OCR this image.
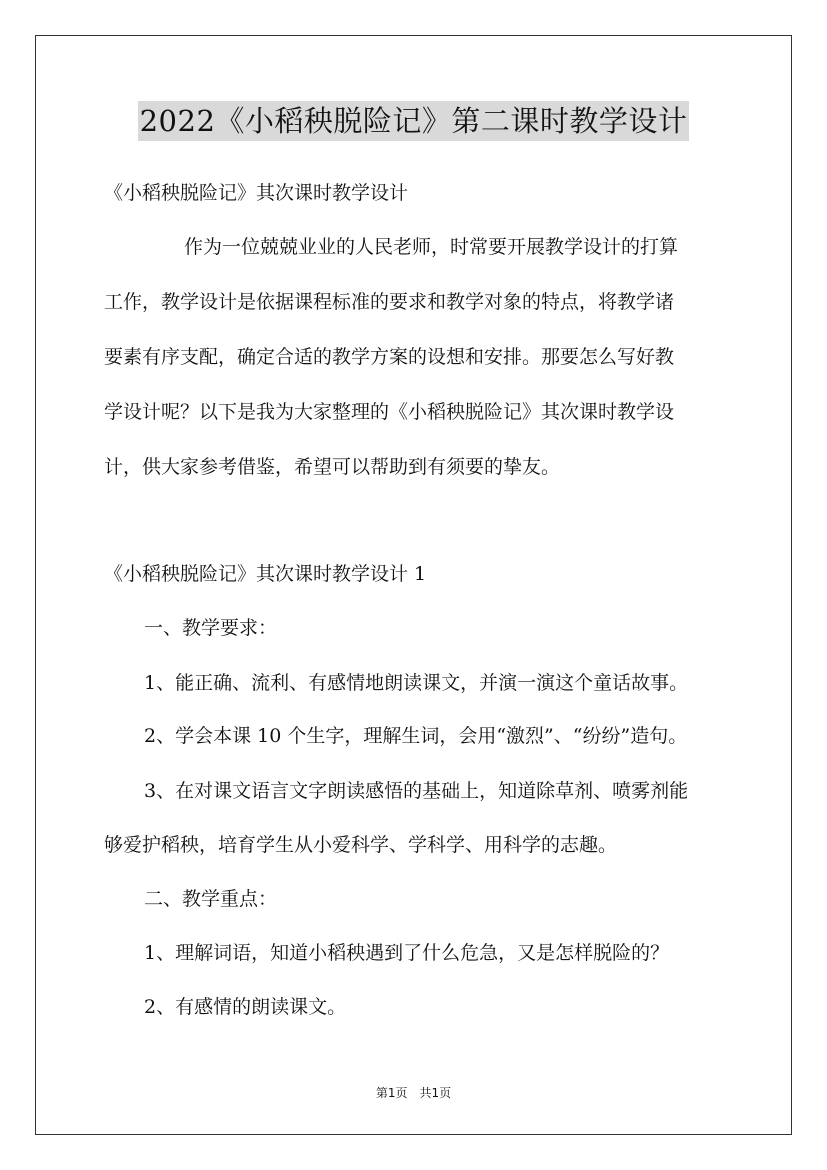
2022《小稻秧脱险记》第二课时教学设计
《小稻秧脱险记》其次课时教学设计
作为一位兢兢业业的人民老师，时常要开展教学设计的打算
工作，教学设计是依据课程标准的要求和教学对象的特点，将教学诸
要素有序支配，确定合适的教学方案的设想和安排。那要怎么写好教
学设计呢？以下是我为大家整理的《小稻秧脱险记》其次课时教学设
计，供大家参考借鉴，希望可以帮助到有须要的挚友。
《小稻秧脱险记》其次课时教学设计 1
一、教学要求：
1、能正确、流利、有感情地朗读课文，并演一演这个童话故事。
2、学会本课 10 个生字，理解生词，会用“激烈”、“纷纷”造句。
3、在对课文语言文字朗读感悟的基础上，知道除草剂、喷雾剂能
够爱护稻秧，培育学生从小爱科学、学科学、用科学的志趣。
二、教学重点：
1、理解词语，知道小稻秧遇到了什么危急，又是怎样脱险的？
2、有感情的朗读课文。
第1页　共1页
